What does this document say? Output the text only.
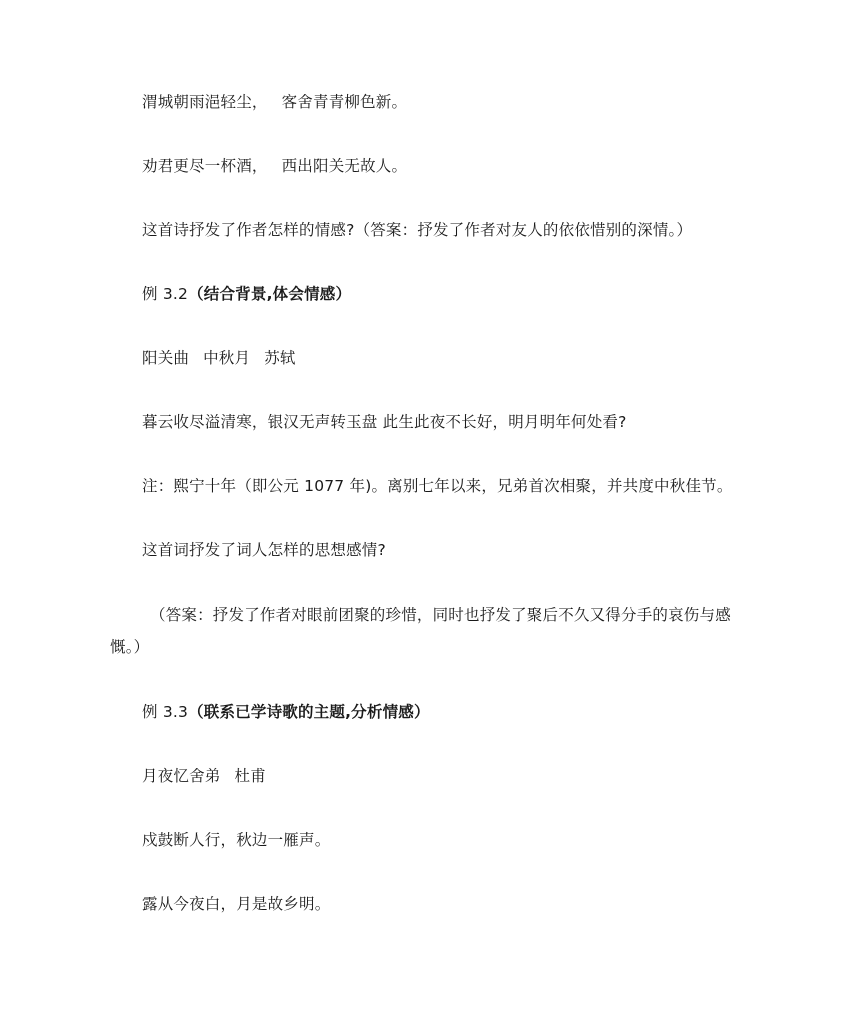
渭城朝雨浥轻尘， 客舍青青柳色新。
劝君更尽一杯酒， 西出阳关无故人。
这首诗抒发了作者怎样的情感?（答案：抒发了作者对友人的依依惜别的深情。）
例 3.2（结合背景,体会情感）
阳关曲 中秋月 苏轼
暮云收尽溢清寒，银汉无声转玉盘 此生此夜不长好，明月明年何处看?
注：熙宁十年（即公元 1077 年)。离别七年以来，兄弟首次相聚，并共度中秋佳节。
这首词抒发了词人怎样的思想感情?
（答案：抒发了作者对眼前团聚的珍惜，同时也抒发了聚后不久又得分手的哀伤与感慨。）
例 3.3（联系已学诗歌的主题,分析情感）
月夜忆舍弟 杜甫
戍鼓断人行，秋边一雁声。
露从今夜白，月是故乡明。
